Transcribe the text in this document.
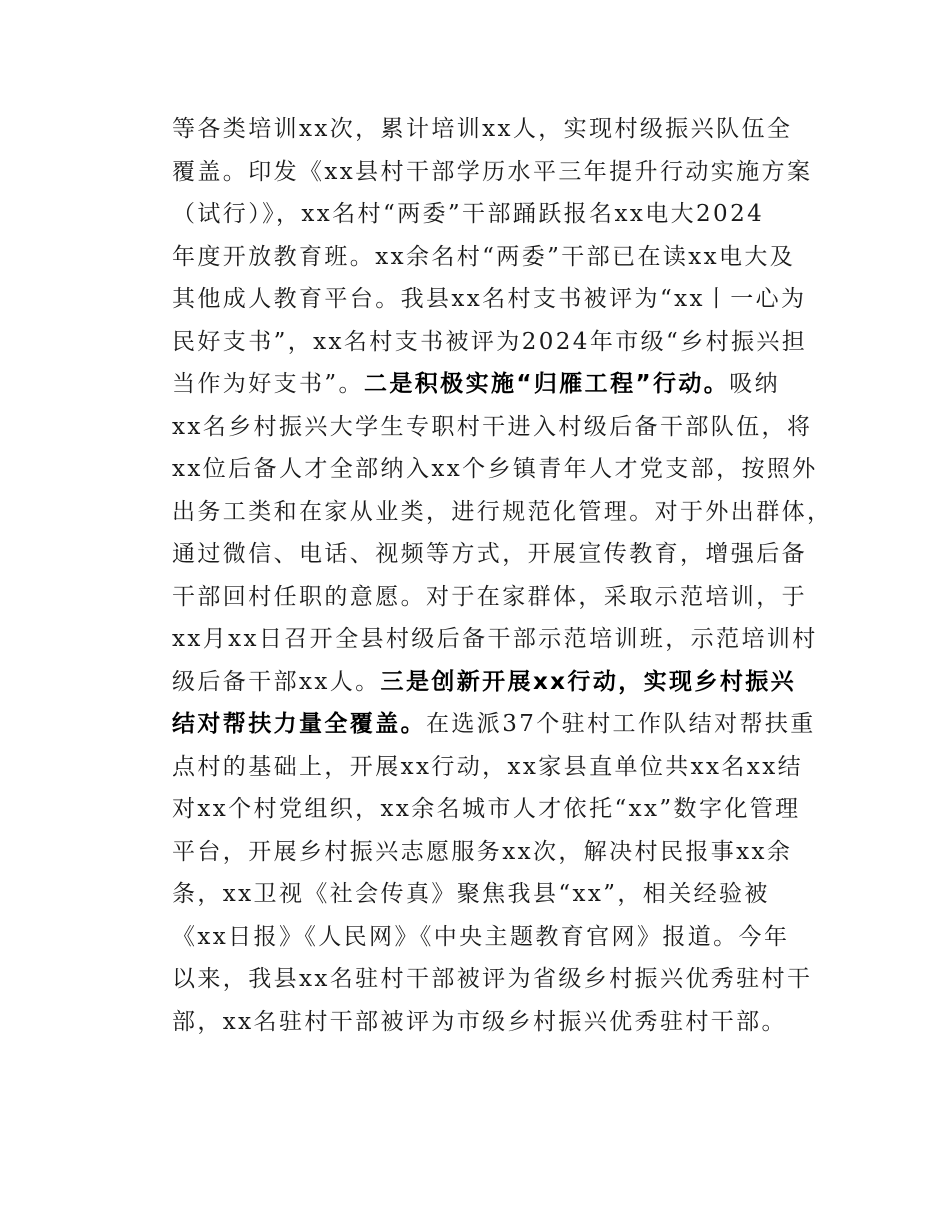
等各类培训xx次，累计培训xx人，实现村级振兴队伍全
覆盖。印发《xx县村干部学历水平三年提升行动实施方案
（试行）》，xx名村“两委”干部踊跃报名xx电大2024
年度开放教育班。xx余名村“两委”干部已在读xx电大及
其他成人教育平台。我县xx名村支书被评为“xx丨一心为
民好支书”，xx名村支书被评为2024年市级“乡村振兴担
当作为好支书”。二是积极实施“归雁工程”行动。吸纳
xx名乡村振兴大学生专职村干进入村级后备干部队伍，将
xx位后备人才全部纳入xx个乡镇青年人才党支部，按照外
出务工类和在家从业类，进行规范化管理。对于外出群体，
通过微信、电话、视频等方式，开展宣传教育，增强后备
干部回村任职的意愿。对于在家群体，采取示范培训，于
xx月xx日召开全县村级后备干部示范培训班，示范培训村
级后备干部xx人。三是创新开展xx行动，实现乡村振兴
结对帮扶力量全覆盖。在选派37个驻村工作队结对帮扶重
点村的基础上，开展xx行动，xx家县直单位共xx名xx结
对xx个村党组织，xx余名城市人才依托“xx”数字化管理
平台，开展乡村振兴志愿服务xx次，解决村民报事xx余
条，xx卫视《社会传真》聚焦我县“xx”，相关经验被
《xx日报》《人民网》《中央主题教育官网》报道。今年
以来，我县xx名驻村干部被评为省级乡村振兴优秀驻村干
部，xx名驻村干部被评为市级乡村振兴优秀驻村干部。
